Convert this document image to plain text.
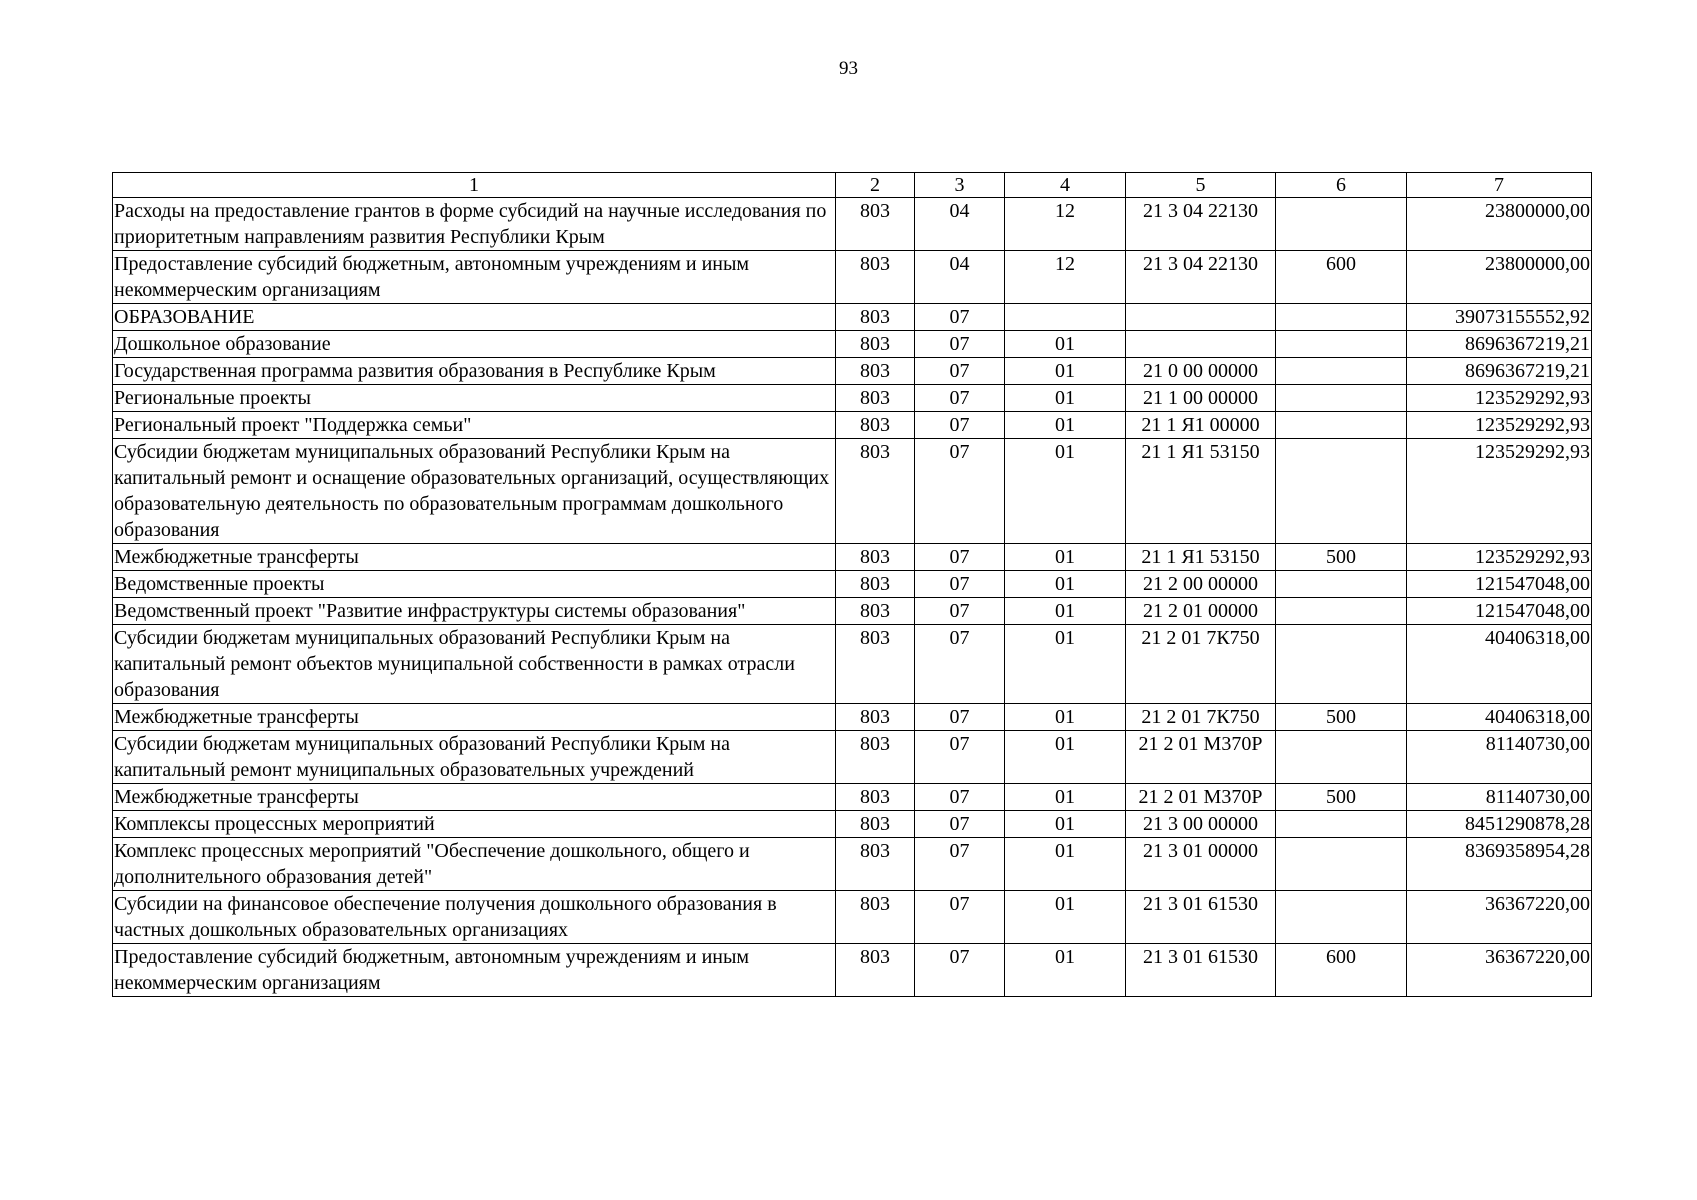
93
1	2	3	4	5	6	7
Расходы на предоставление грантов в форме субсидий на научные исследования по приоритетным направлениям развития Республики Крым	803	04	12	21 3 04 22130		23800000,00
Предоставление субсидий бюджетным, автономным учреждениям и иным некоммерческим организациям	803	04	12	21 3 04 22130	600	23800000,00
ОБРАЗОВАНИЕ	803	07				39073155552,92
Дошкольное образование	803	07	01			8696367219,21
Государственная программа развития образования в Республике Крым	803	07	01	21 0 00 00000		8696367219,21
Региональные проекты	803	07	01	21 1 00 00000		123529292,93
Региональный проект "Поддержка семьи"	803	07	01	21 1 Я1 00000		123529292,93
Субсидии бюджетам муниципальных образований Республики Крым на капитальный ремонт и оснащение образовательных организаций, осуществляющих образовательную деятельность по образовательным программам дошкольного образования	803	07	01	21 1 Я1 53150		123529292,93
Межбюджетные трансферты	803	07	01	21 1 Я1 53150	500	123529292,93
Ведомственные проекты	803	07	01	21 2 00 00000		121547048,00
Ведомственный проект "Развитие инфраструктуры системы образования"	803	07	01	21 2 01 00000		121547048,00
Субсидии бюджетам муниципальных образований Республики Крым на капитальный ремонт объектов муниципальной собственности в рамках отрасли образования	803	07	01	21 2 01 7К750		40406318,00
Межбюджетные трансферты	803	07	01	21 2 01 7К750	500	40406318,00
Субсидии бюджетам муниципальных образований Республики Крым на капитальный ремонт муниципальных образовательных учреждений	803	07	01	21 2 01 М370Р		81140730,00
Межбюджетные трансферты	803	07	01	21 2 01 М370Р	500	81140730,00
Комплексы процессных мероприятий	803	07	01	21 3 00 00000		8451290878,28
Комплекс процессных мероприятий "Обеспечение дошкольного, общего и дополнительного образования детей"	803	07	01	21 3 01 00000		8369358954,28
Субсидии на финансовое обеспечение получения дошкольного образования в частных дошкольных образовательных организациях	803	07	01	21 3 01 61530		36367220,00
Предоставление субсидий бюджетным, автономным учреждениям и иным некоммерческим организациям	803	07	01	21 3 01 61530	600	36367220,00
